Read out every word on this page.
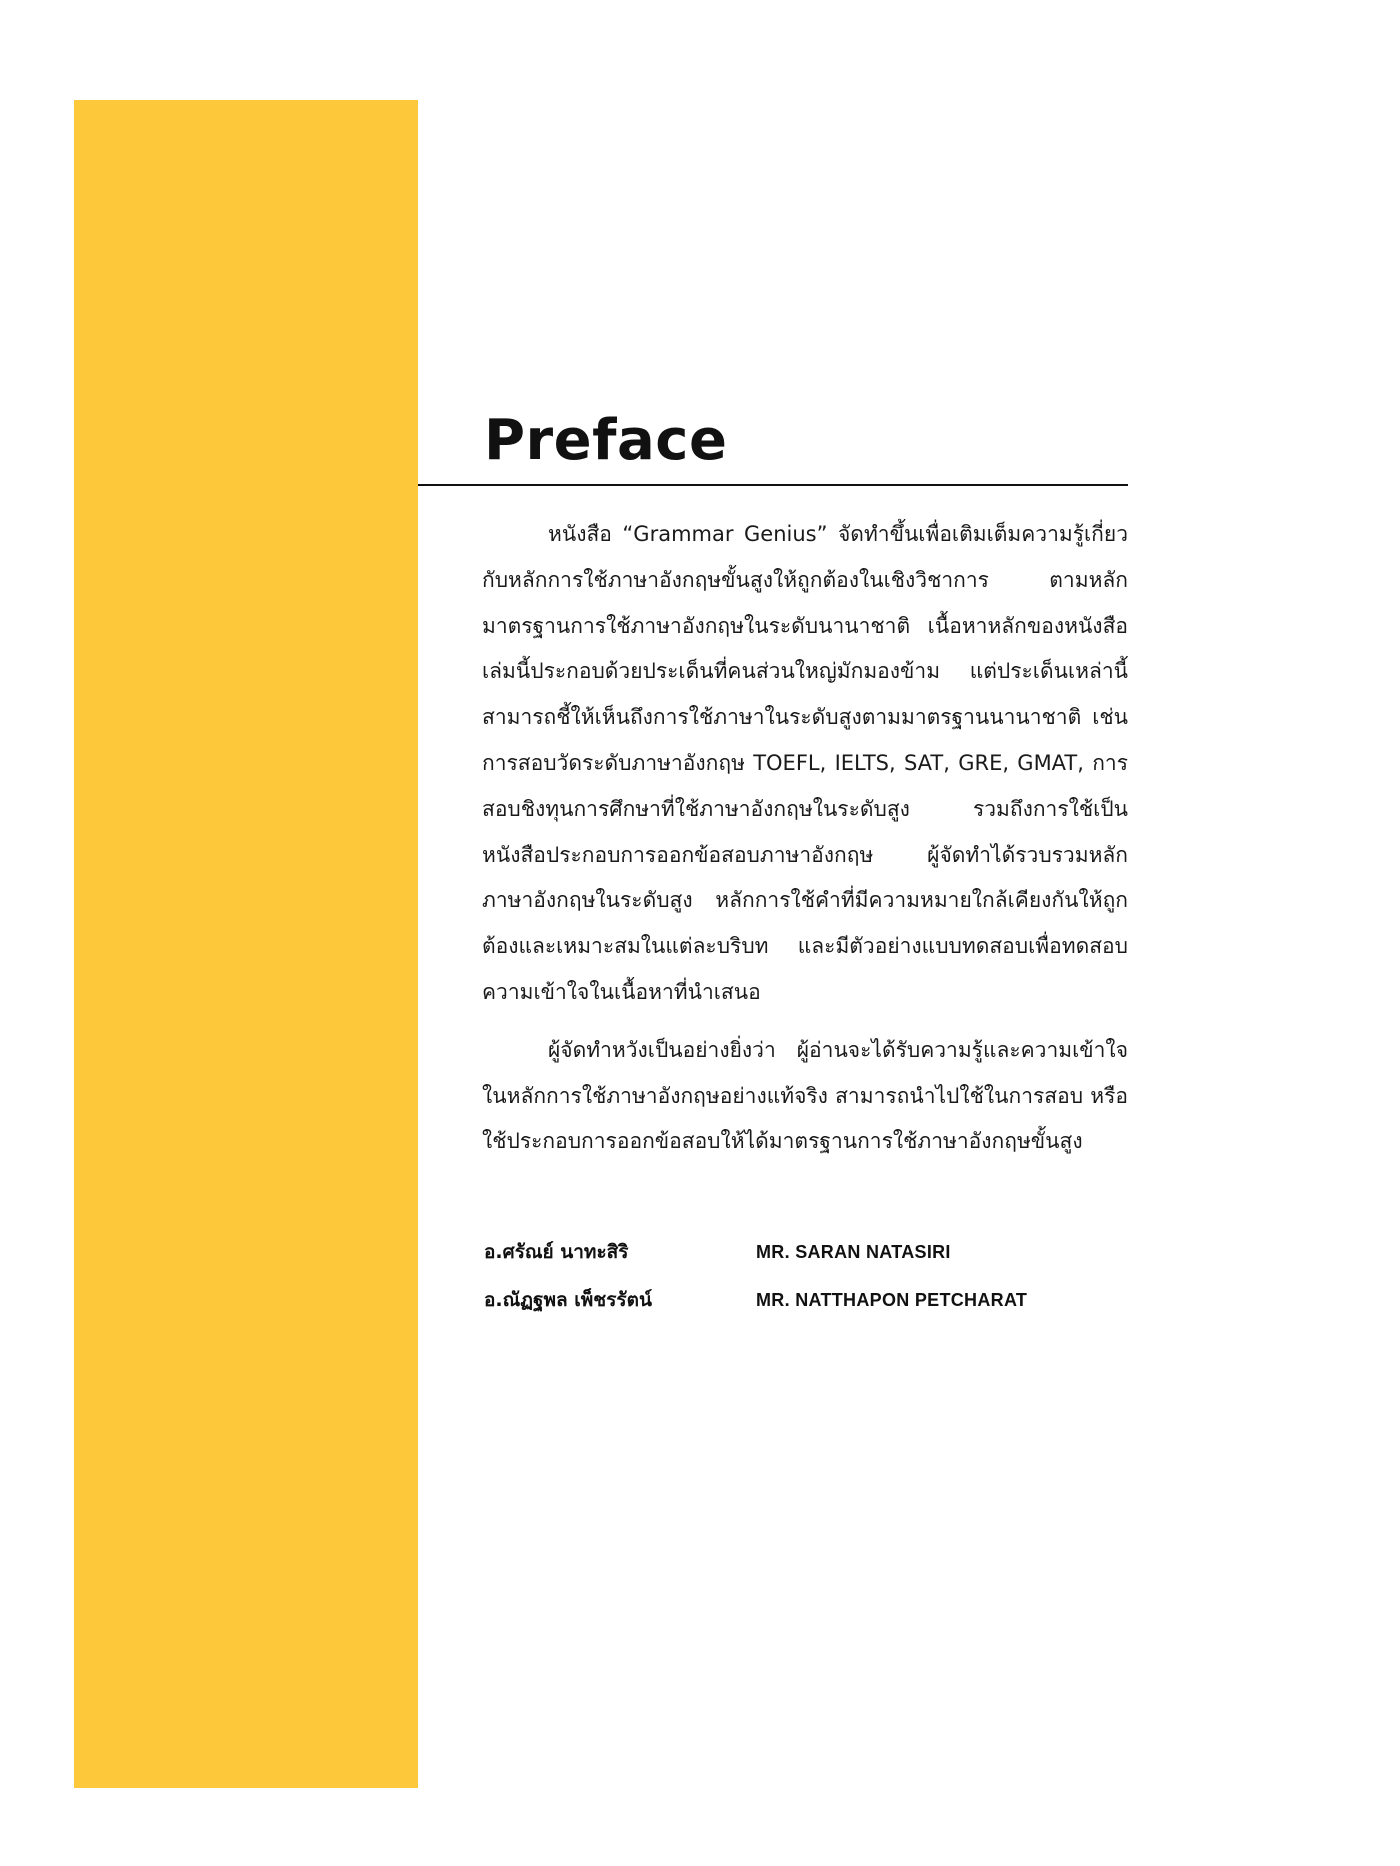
Preface

หนังสือ “Grammar Genius” จัดทำขึ้นเพื่อเติมเต็มความรู้เกี่ยวกับหลักการใช้ภาษาอังกฤษขั้นสูงให้ถูกต้องในเชิงวิชาการ ตามหลักมาตรฐานการใช้ภาษาอังกฤษในระดับนานาชาติ เนื้อหาหลักของหนังสือเล่มนี้ประกอบด้วยประเด็นที่คนส่วนใหญ่มักมองข้าม แต่ประเด็นเหล่านี้สามารถชี้ให้เห็นถึงการใช้ภาษาในระดับสูงตามมาตรฐานนานาชาติ เช่น การสอบวัดระดับภาษาอังกฤษ TOEFL, IELTS, SAT, GRE, GMAT, การสอบชิงทุนการศึกษาที่ใช้ภาษาอังกฤษในระดับสูง รวมถึงการใช้เป็นหนังสือประกอบการออกข้อสอบภาษาอังกฤษ ผู้จัดทำได้รวบรวมหลักภาษาอังกฤษในระดับสูง หลักการใช้คำที่มีความหมายใกล้เคียงกันให้ถูกต้องและเหมาะสมในแต่ละบริบท และมีตัวอย่างแบบทดสอบเพื่อทดสอบความเข้าใจในเนื้อหาที่นำเสนอ

ผู้จัดทำหวังเป็นอย่างยิ่งว่า ผู้อ่านจะได้รับความรู้และความเข้าใจในหลักการใช้ภาษาอังกฤษอย่างแท้จริง สามารถนำไปใช้ในการสอบ หรือใช้ประกอบการออกข้อสอบให้ได้มาตรฐานการใช้ภาษาอังกฤษขั้นสูง

อ.ศรัณย์ นาทะสิริ	MR. SARAN NATASIRI
อ.ณัฏฐพล เพ็ชรรัตน์	MR. NATTHAPON PETCHARAT
